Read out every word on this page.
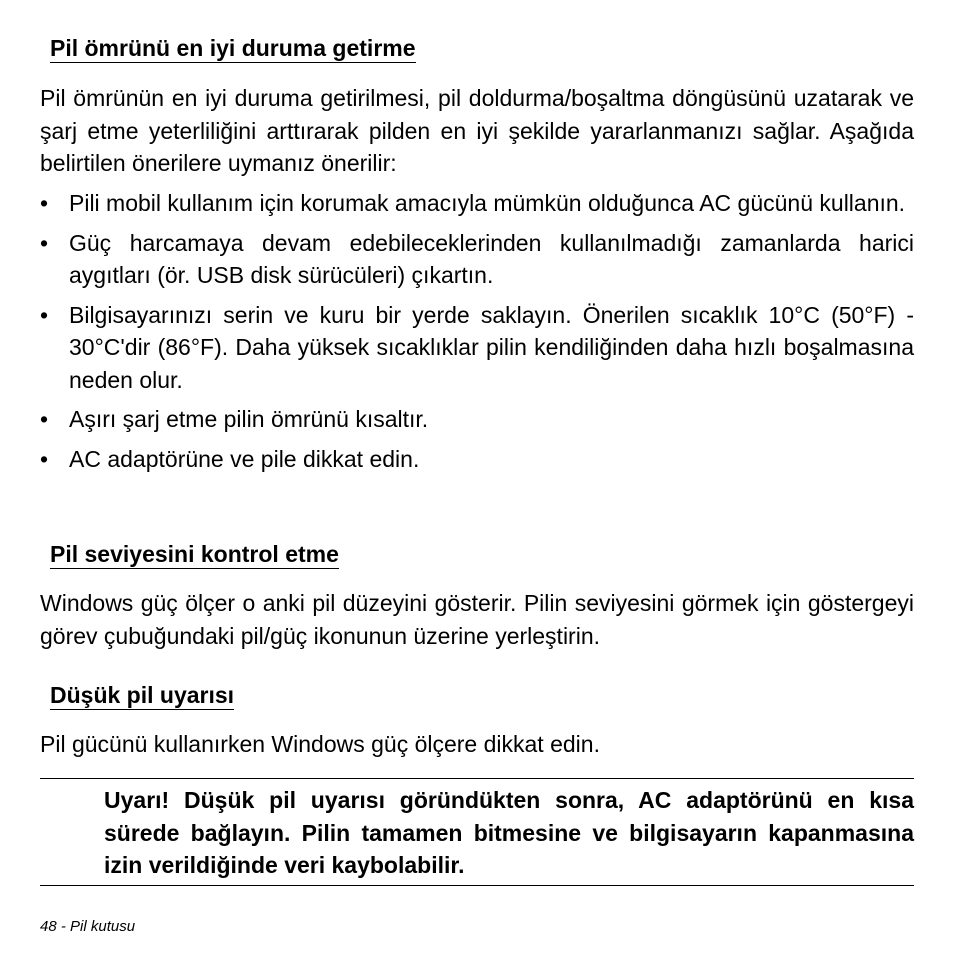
Pil ömrünü en iyi duruma getirme

Pil ömrünün en iyi duruma getirilmesi, pil doldurma/boşaltma döngüsünü uzatarak ve şarj etme yeterliliğini arttırarak pilden en iyi şekilde yararlanmanızı sağlar. Aşağıda belirtilen önerilere uymanız önerilir:

• Pili mobil kullanım için korumak amacıyla mümkün olduğunca AC gücünü kullanın.
• Güç harcamaya devam edebileceklerinden kullanılmadığı zamanlarda harici aygıtları (ör. USB disk sürücüleri) çıkartın.
• Bilgisayarınızı serin ve kuru bir yerde saklayın. Önerilen sıcaklık 10°C (50°F) - 30°C'dir (86°F). Daha yüksek sıcaklıklar pilin kendiliğinden daha hızlı boşalmasına neden olur.
• Aşırı şarj etme pilin ömrünü kısaltır.
• AC adaptörüne ve pile dikkat edin.
Pil seviyesini kontrol etme

Windows güç ölçer o anki pil düzeyini gösterir. Pilin seviyesini görmek için göstergeyi görev çubuğundaki pil/güç ikonunun üzerine yerleştirin.

Düşük pil uyarısı

Pil gücünü kullanırken Windows güç ölçere dikkat edin.

Uyarı! Düşük pil uyarısı göründükten sonra, AC adaptörünü en kısa sürede bağlayın. Pilin tamamen bitmesine ve bilgisayarın kapanmasına izin verildiğinde veri kaybolabilir.

48 - Pil kutusu
